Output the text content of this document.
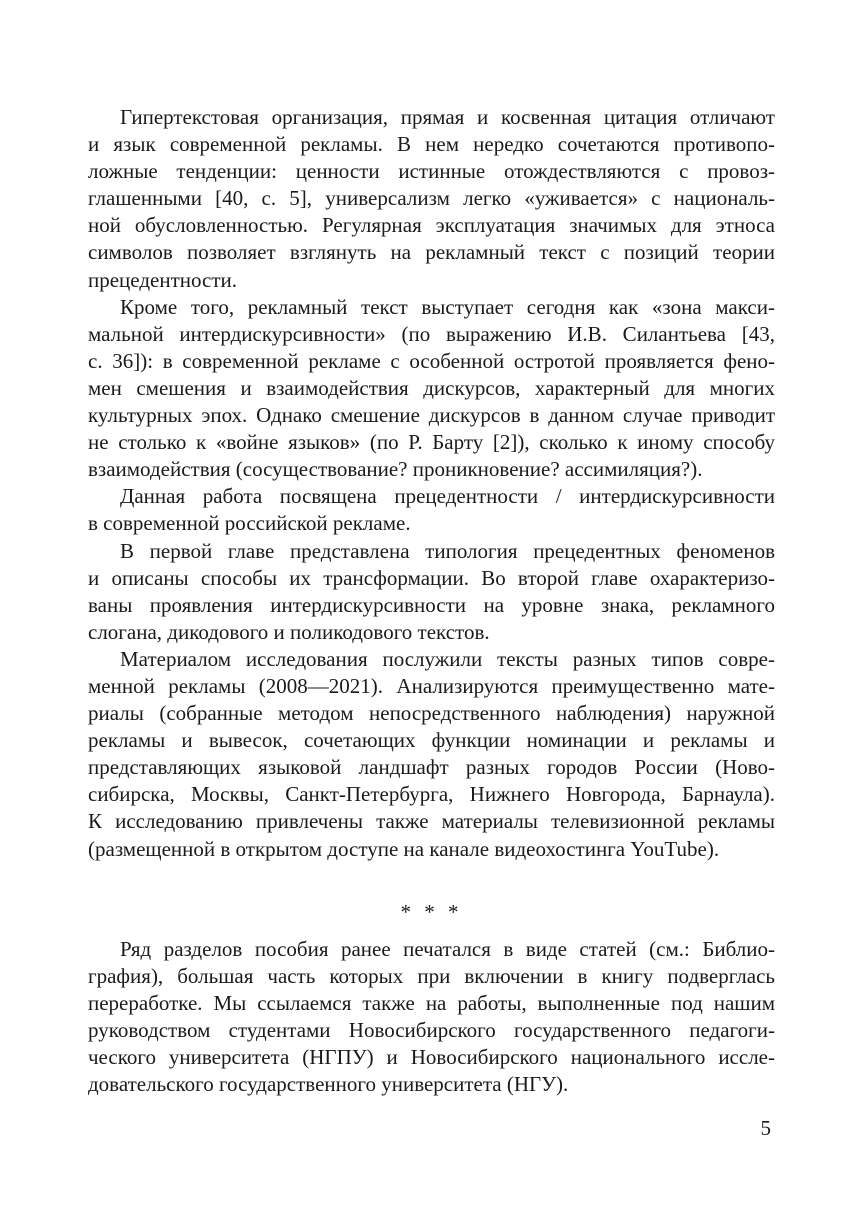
Гипертекстовая организация, прямая и косвенная цитация отличают
и язык современной рекламы. В нем нередко сочетаются противопо-
ложные тенденции: ценности истинные отождествляются с провоз-
глашенными [40, с. 5], универсализм легко «уживается» с националь-
ной обусловленностью. Регулярная эксплуатация значимых для этноса
символов позволяет взглянуть на рекламный текст с позиций теории
прецедентности.
Кроме того, рекламный текст выступает сегодня как «зона макси-
мальной интердискурсивности» (по выражению И.В. Силантьева [43,
с. 36]): в современной рекламе с особенной остротой проявляется фено-
мен смешения и взаимодействия дискурсов, характерный для многих
культурных эпох. Однако смешение дискурсов в данном случае приводит
не столько к «войне языков» (по Р. Барту [2]), сколько к иному способу
взаимодействия (сосуществование? проникновение? ассимиляция?).
Данная работа посвящена прецедентности / интердискурсивности
в современной российской рекламе.
В первой главе представлена типология прецедентных феноменов
и описаны способы их трансформации. Во второй главе охарактеризо-
ваны проявления интердискурсивности на уровне знака, рекламного
слогана, дикодового и поликодового текстов.
Материалом исследования послужили тексты разных типов совре-
менной рекламы (2008—2021). Анализируются преимущественно мате-
риалы (собранные методом непосредственного наблюдения) наружной
рекламы и вывесок, сочетающих функции номинации и рекламы и
представляющих языковой ландшафт разных городов России (Ново-
сибирска, Москвы, Санкт-Петербурга, Нижнего Новгорода, Барнаула).
К исследованию привлечены также материалы телевизионной рекламы
(размещенной в открытом доступе на канале видеохостинга YouTube).
* * *
Ряд разделов пособия ранее печатался в виде статей (см.: Библио-
графия), большая часть которых при включении в книгу подверглась
переработке. Мы ссылаемся также на работы, выполненные под нашим
руководством студентами Новосибирского государственного педагоги-
ческого университета (НГПУ) и Новосибирского национального иссле-
довательского государственного университета (НГУ).
5
